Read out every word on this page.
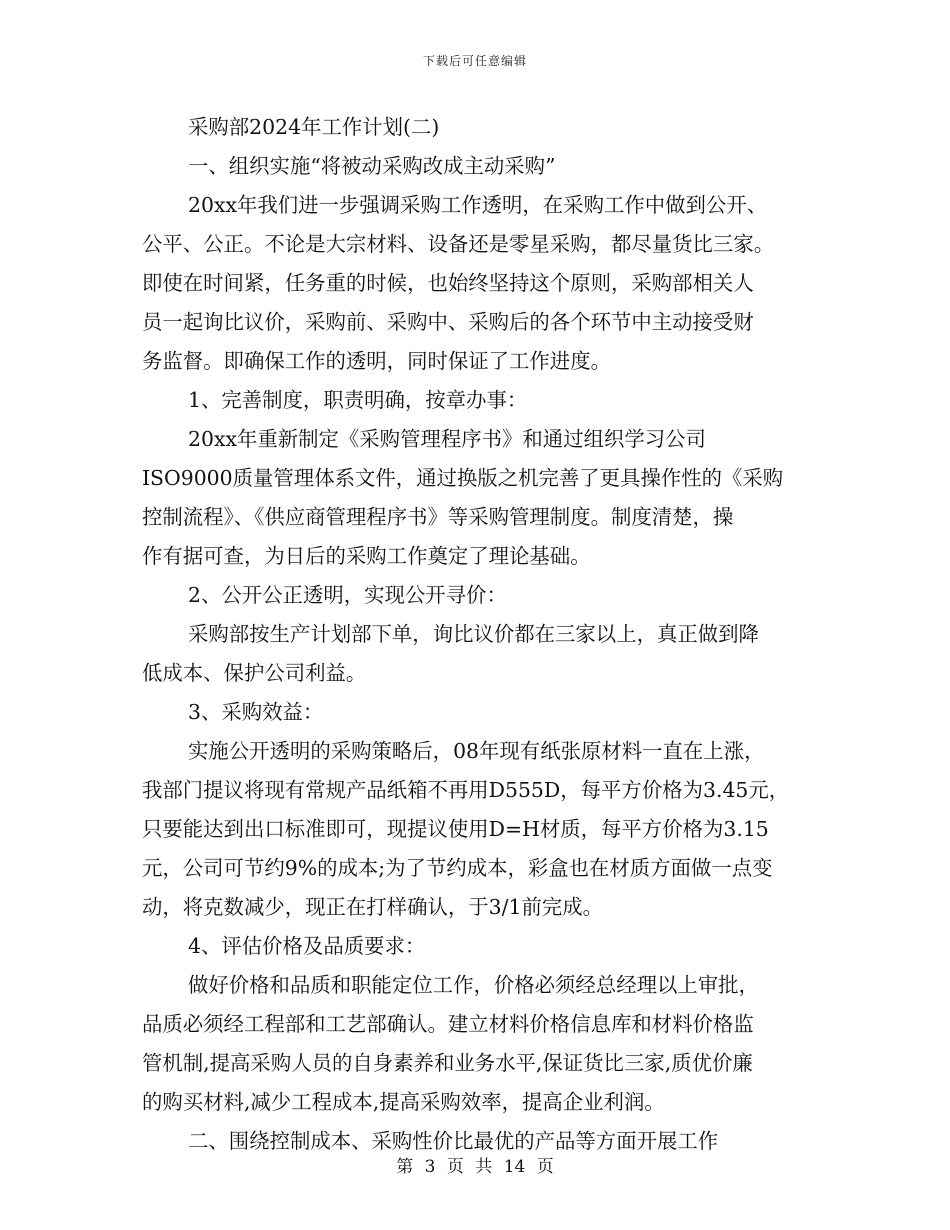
下载后可任意编辑
采购部2024年工作计划(二)
一、组织实施“将被动采购改成主动采购”
20xx年我们进一步强调采购工作透明，在采购工作中做到公开、
公平、公正。不论是大宗材料、设备还是零星采购，都尽量货比三家。
即使在时间紧，任务重的时候，也始终坚持这个原则，采购部相关人
员一起询比议价，采购前、采购中、采购后的各个环节中主动接受财
务监督。即确保工作的透明，同时保证了工作进度。
1、完善制度，职责明确，按章办事：
20xx年重新制定《采购管理程序书》和通过组织学习公司
ISO9000质量管理体系文件，通过换版之机完善了更具操作性的《采购
控制流程》、《供应商管理程序书》等采购管理制度。制度清楚，操
作有据可查，为日后的采购工作奠定了理论基础。
2、公开公正透明，实现公开寻价：
采购部按生产计划部下单，询比议价都在三家以上，真正做到降
低成本、保护公司利益。
3、采购效益：
实施公开透明的采购策略后，08年现有纸张原材料一直在上涨，
我部门提议将现有常规产品纸箱不再用D555D，每平方价格为3.45元，
只要能达到出口标准即可，现提议使用D=H材质，每平方价格为3.15
元，公司可节约9%的成本;为了节约成本，彩盒也在材质方面做一点变
动，将克数减少，现正在打样确认，于3/1前完成。
4、评估价格及品质要求：
做好价格和品质和职能定位工作，价格必须经总经理以上审批，
品质必须经工程部和工艺部确认。建立材料价格信息库和材料价格监
管机制,提高采购人员的自身素养和业务水平,保证货比三家,质优价廉
的购买材料,减少工程成本,提高采购效率，提高企业利润。
二、围绕控制成本、采购性价比最优的产品等方面开展工作
第 3 页 共 14 页
